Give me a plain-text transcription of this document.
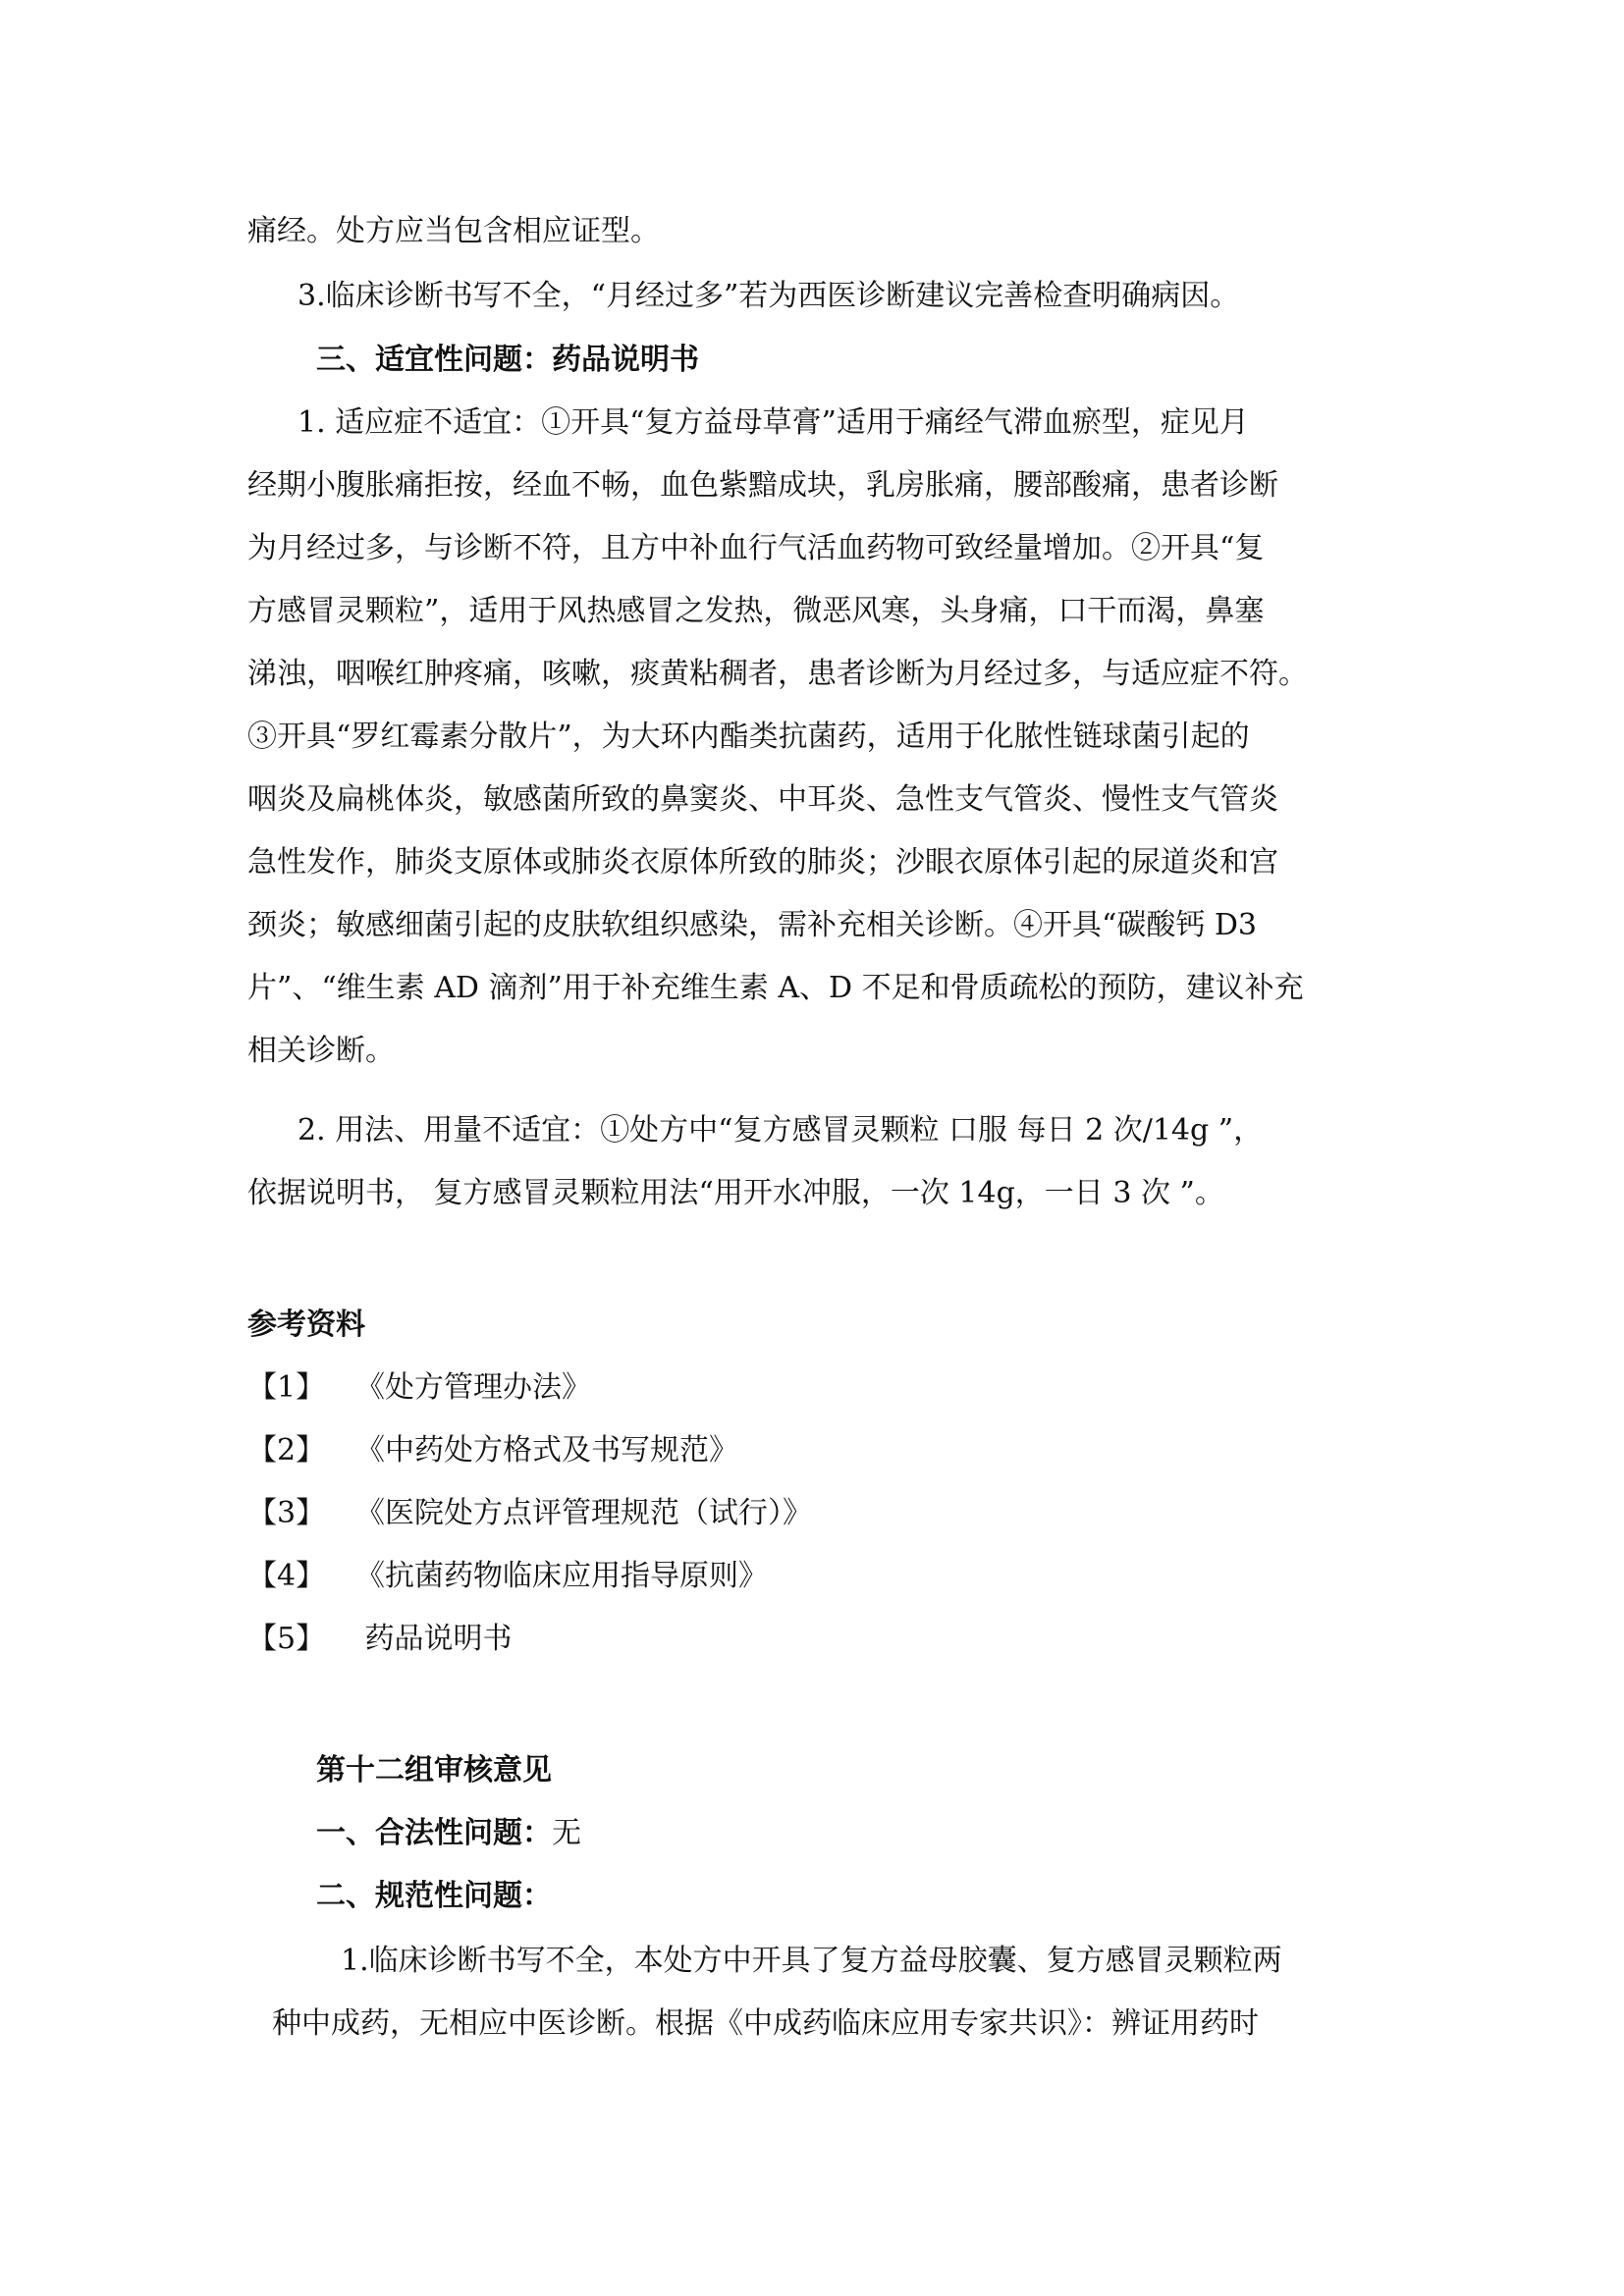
痛经。处方应当包含相应证型。
3.临床诊断书写不全，“月经过多”若为西医诊断建议完善检查明确病因。
三、适宜性问题：药品说明书
1. 适应症不适宜：①开具“复方益母草膏”适用于痛经气滞血瘀型，症见月
经期小腹胀痛拒按，经血不畅，血色紫黯成块，乳房胀痛，腰部酸痛，患者诊断
为月经过多，与诊断不符，且方中补血行气活血药物可致经量增加。②开具“复
方感冒灵颗粒”，适用于风热感冒之发热，微恶风寒，头身痛，口干而渴，鼻塞
涕浊，咽喉红肿疼痛，咳嗽，痰黄粘稠者，患者诊断为月经过多，与适应症不符。
③开具“罗红霉素分散片”，为大环内酯类抗菌药，适用于化脓性链球菌引起的
咽炎及扁桃体炎，敏感菌所致的鼻窦炎、中耳炎、急性支气管炎、慢性支气管炎
急性发作，肺炎支原体或肺炎衣原体所致的肺炎；沙眼衣原体引起的尿道炎和宫
颈炎；敏感细菌引起的皮肤软组织感染，需补充相关诊断。④开具“碳酸钙 D3
片”、“维生素 AD 滴剂”用于补充维生素 A、D 不足和骨质疏松的预防，建议补充
相关诊断。
2. 用法、用量不适宜：①处方中“复方感冒灵颗粒 口服 每日 2 次/14g ”，
依据说明书， 复方感冒灵颗粒用法“用开水冲服，一次 14g，一日 3 次 ”。
参考资料
【1】 《处方管理办法》
【2】 《中药处方格式及书写规范》
【3】 《医院处方点评管理规范（试行）》
【4】 《抗菌药物临床应用指导原则》
【5】 药品说明书
第十二组审核意见
一、合法性问题：无
二、规范性问题：
1.临床诊断书写不全，本处方中开具了复方益母胶囊、复方感冒灵颗粒两
种中成药，无相应中医诊断。根据《中成药临床应用专家共识》：辨证用药时
